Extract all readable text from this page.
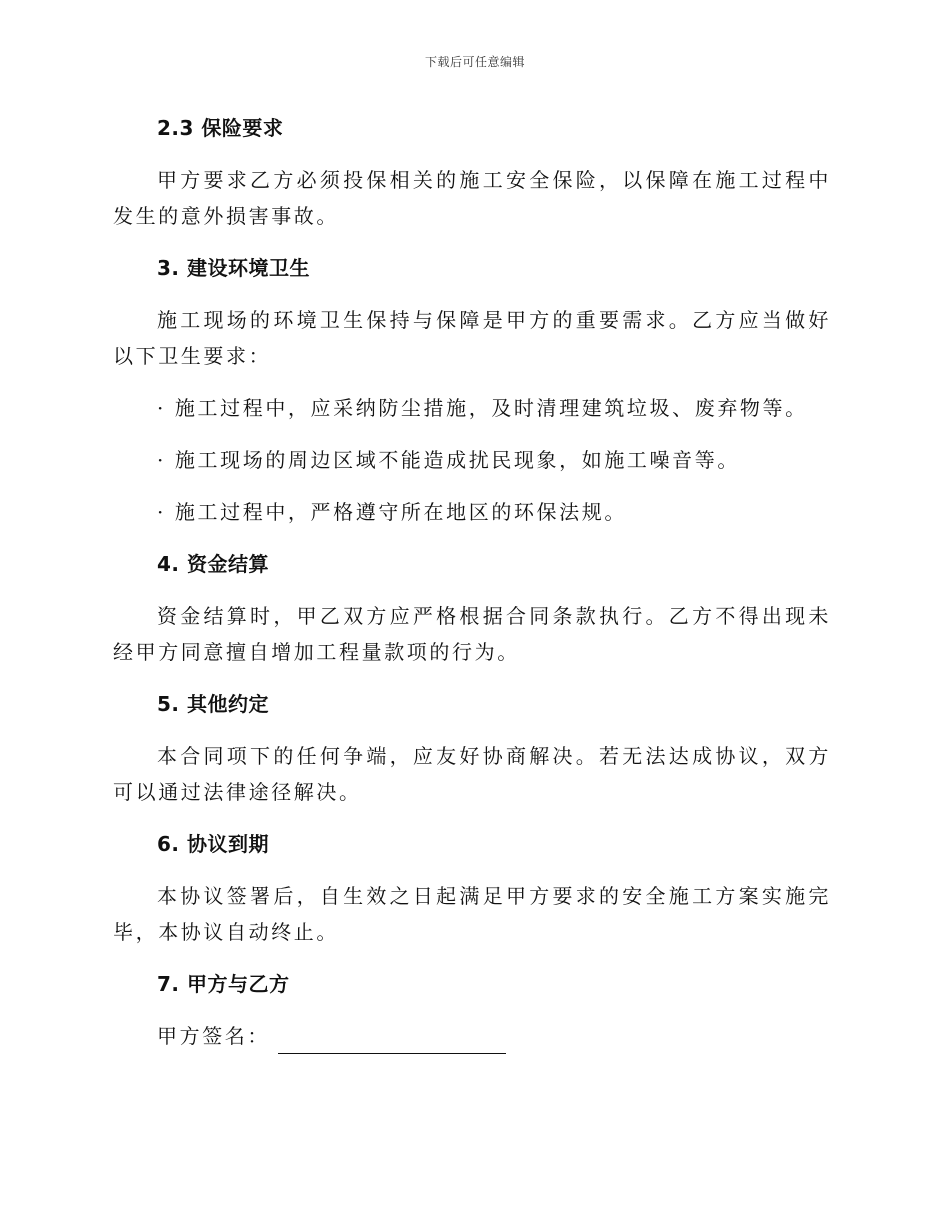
下载后可任意编辑

2.3 保险要求

甲方要求乙方必须投保相关的施工安全保险，以保障在施工过程中发生的意外损害事故。

3. 建设环境卫生

施工现场的环境卫生保持与保障是甲方的重要需求。乙方应当做好以下卫生要求：

· 施工过程中，应采纳防尘措施，及时清理建筑垃圾、废弃物等。

· 施工现场的周边区域不能造成扰民现象，如施工噪音等。

· 施工过程中，严格遵守所在地区的环保法规。

4. 资金结算

资金结算时，甲乙双方应严格根据合同条款执行。乙方不得出现未经甲方同意擅自增加工程量款项的行为。

5. 其他约定

本合同项下的任何争端，应友好协商解决。若无法达成协议，双方可以通过法律途径解决。

6. 协议到期

本协议签署后，自生效之日起满足甲方要求的安全施工方案实施完毕，本协议自动终止。

7. 甲方与乙方

甲方签名：
